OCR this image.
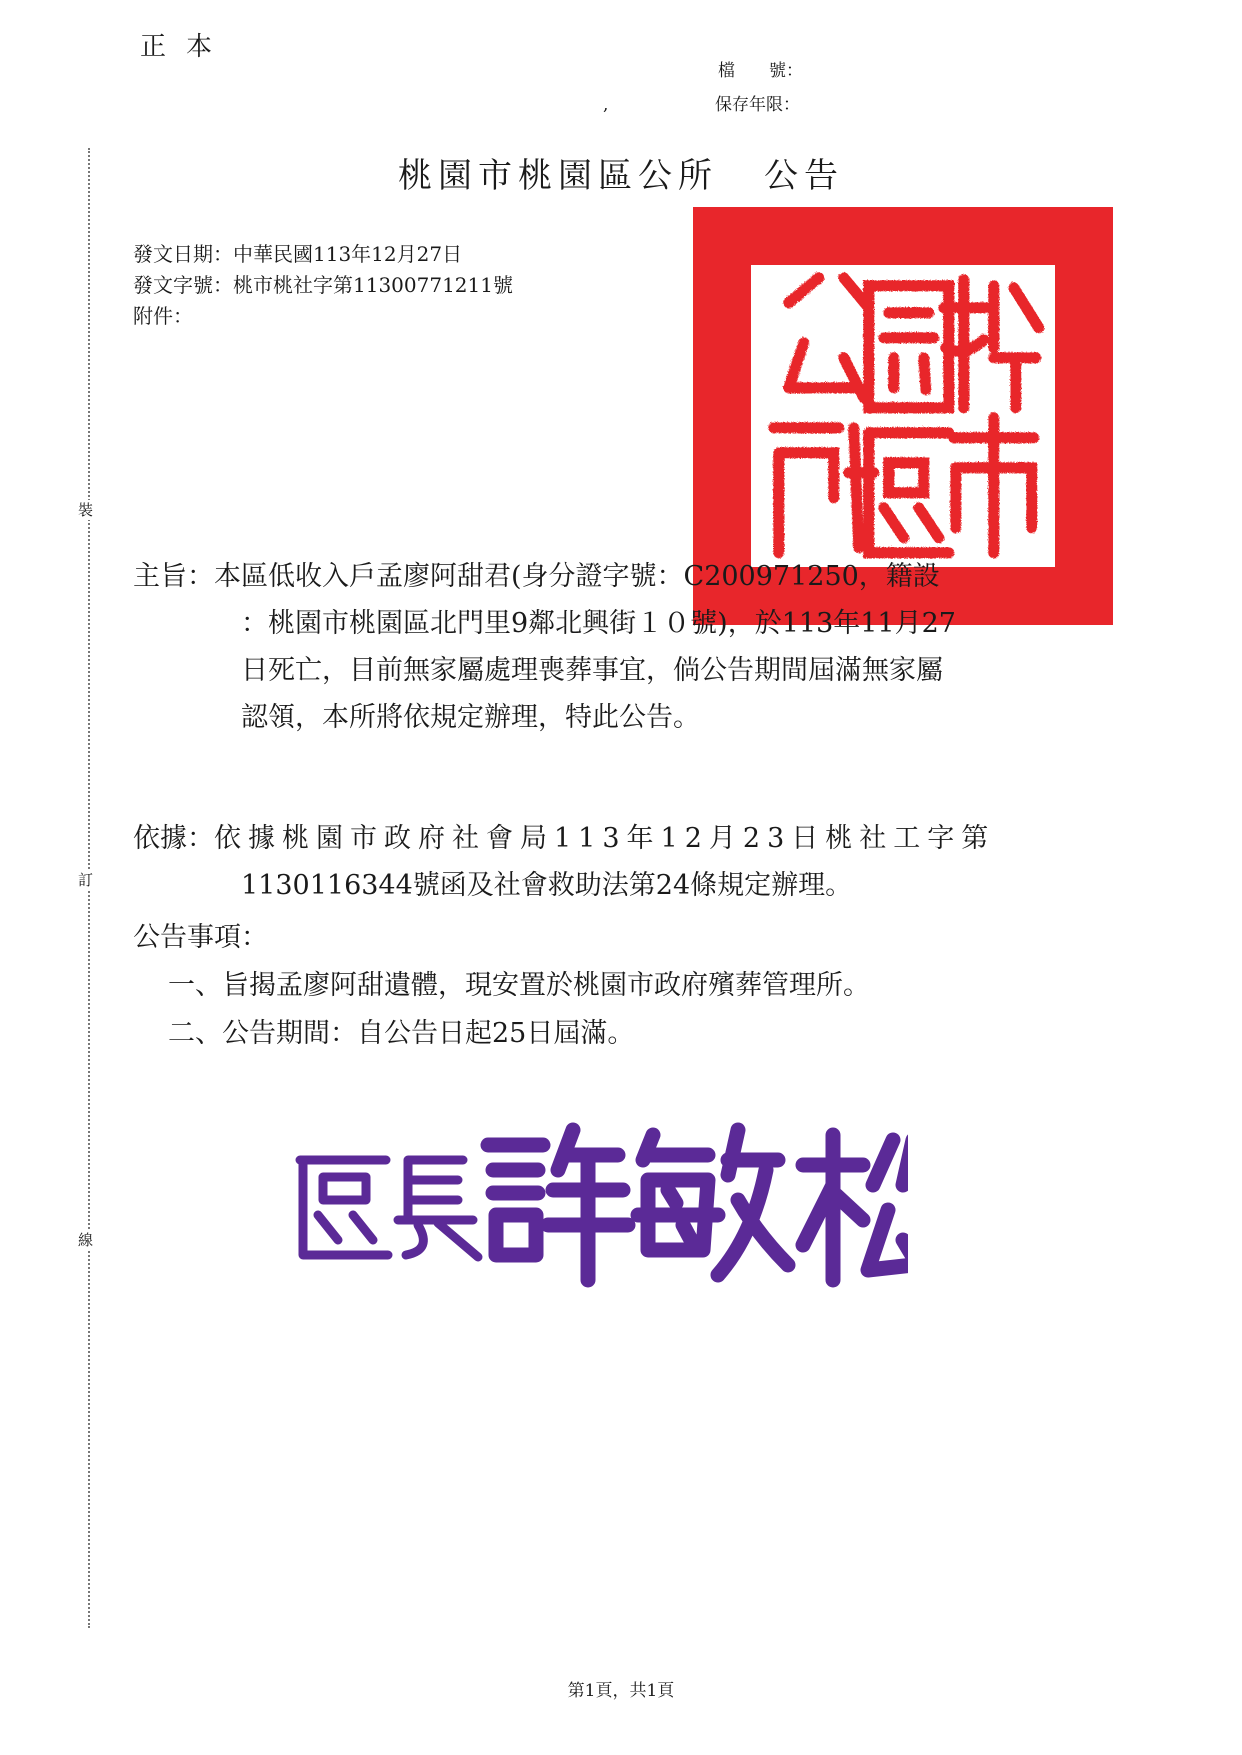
正本
檔　　號：
,	保存年限：
桃園市桃園區公所 公告
發文日期：中華民國113年12月27日
發文字號：桃市桃社字第11300771211號
附件：
裝
訂
線
主旨：本區低收入戶孟廖阿甜君(身分證字號：C200971250，籍設
：桃園市桃園區北門里9鄰北興街１０號)，於113年11月27
日死亡，目前無家屬處理喪葬事宜，倘公告期間屆滿無家屬
認領，本所將依規定辦理，特此公告。
依據：依據桃園市政府社會局113年12月23日桃社工字第
1130116344號函及社會救助法第24條規定辦理。
公告事項：
一、旨揭孟廖阿甜遺體，現安置於桃園市政府殯葬管理所。
二、公告期間：自公告日起25日屆滿。
第1頁，共1頁
